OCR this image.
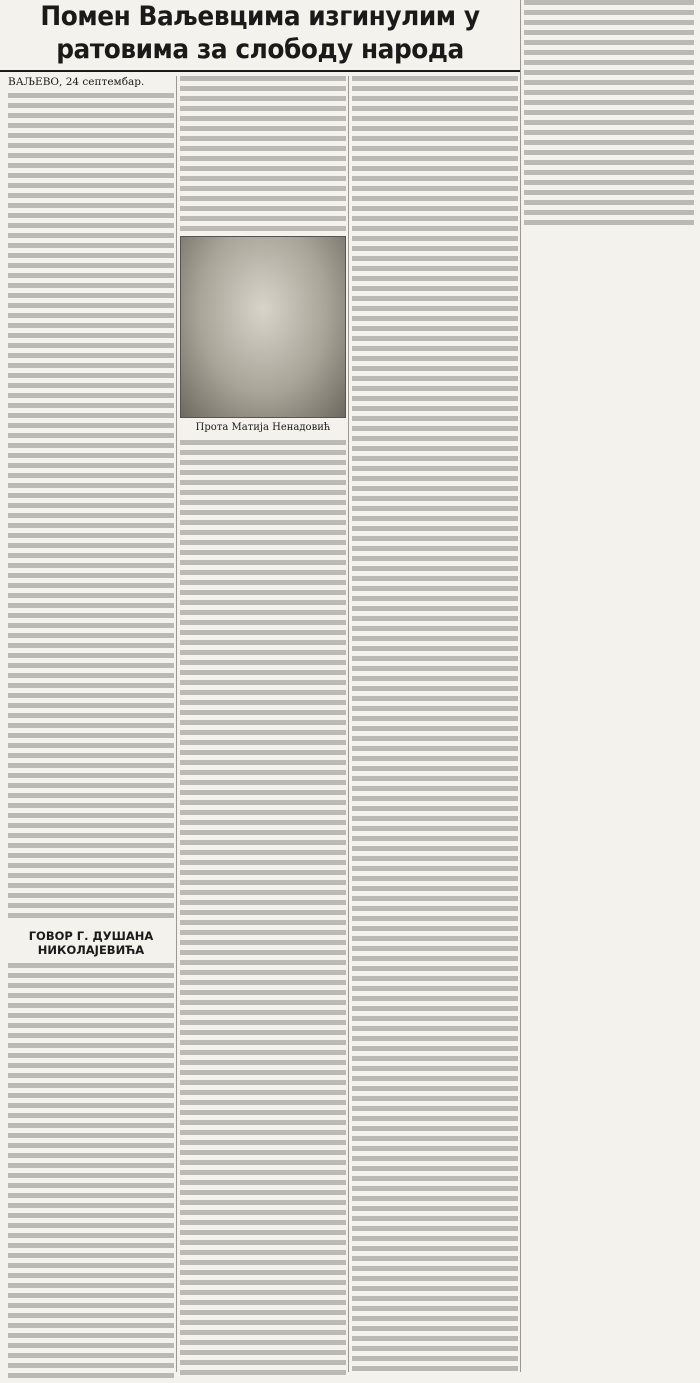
Помен Ваљевцима изгинулим у ратовима за слободу народа
ВАЉЕВО, 24 септембар.
ГОВОР Г. ДУШАНА НИКОЛАЈЕВИЋА
Прота Матија Ненадовић
